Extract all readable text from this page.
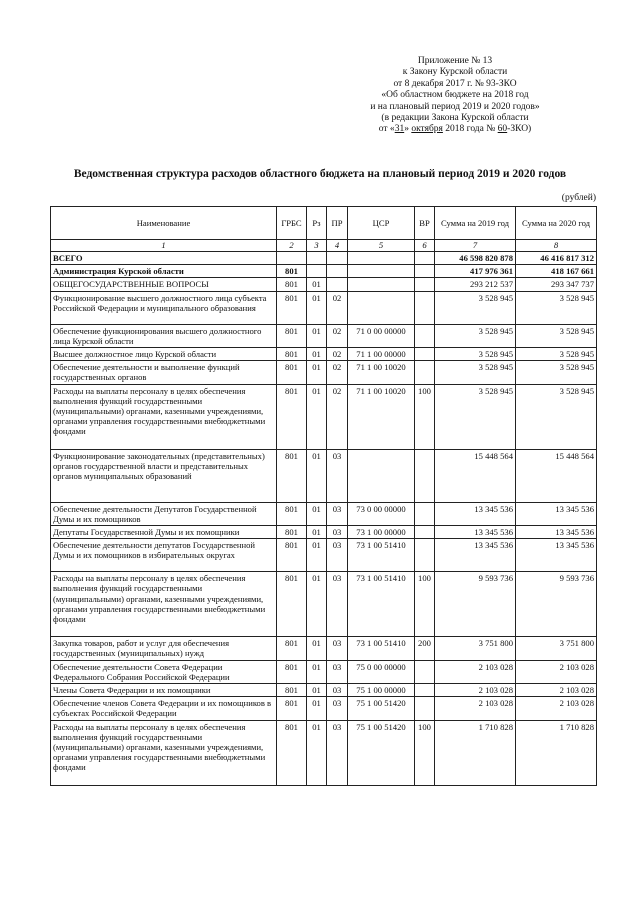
Приложение № 13
к Закону Курской области
от 8 декабря 2017 г. № 93-ЗКО
«Об областном бюджете на 2018 год
и на плановый период 2019 и 2020 годов»
(в редакции Закона Курской области
от «31» октября 2018 года № 60-ЗКО)
Ведомственная структура расходов областного бюджета на плановый период 2019 и 2020 годов
(рублей)
Наименование	ГРБС	Рз	ПР	ЦСР	ВР	Сумма на 2019 год	Сумма на 2020 год
1	2	3	4	5	6	7	8
ВСЕГО						46 598 820 878	46 416 817 312
Администрация Курской области	801					417 976 361	418 167 661
ОБЩЕГОСУДАРСТВЕННЫЕ ВОПРОСЫ	801	01				293 212 537	293 347 737
Функционирование высшего должностного лица субъекта Российской Федерации и муниципального образования	801	01	02			3 528 945	3 528 945
Обеспечение функционирования высшего должностного лица Курской области	801	01	02	71 0 00 00000		3 528 945	3 528 945
Высшее должностное лицо Курской области	801	01	02	71 1 00 00000		3 528 945	3 528 945
Обеспечение деятельности и выполнение функций государственных органов	801	01	02	71 1 00 10020		3 528 945	3 528 945
Расходы на выплаты персоналу в целях обеспечения выполнения функций государственными (муниципальными) органами, казенными учреждениями, органами управления государственными внебюджетными фондами	801	01	02	71 1 00 10020	100	3 528 945	3 528 945
Функционирование законодательных (представительных) органов государственной власти и представительных органов муниципальных образований	801	01	03			15 448 564	15 448 564
Обеспечение деятельности Депутатов Государственной Думы и их помощников	801	01	03	73 0 00 00000		13 345 536	13 345 536
Депутаты Государственной Думы и их помощники	801	01	03	73 1 00 00000		13 345 536	13 345 536
Обеспечение деятельности депутатов Государственной Думы и их помощников в избирательных округах	801	01	03	73 1 00 51410		13 345 536	13 345 536
Расходы на выплаты персоналу в целях обеспечения выполнения функций государственными (муниципальными) органами, казенными учреждениями, органами управления государственными внебюджетными фондами	801	01	03	73 1 00 51410	100	9 593 736	9 593 736
Закупка товаров, работ и услуг для обеспечения государственных (муниципальных) нужд	801	01	03	73 1 00 51410	200	3 751 800	3 751 800
Обеспечение деятельности Совета Федерации Федерального Собрания Российской Федерации	801	01	03	75 0 00 00000		2 103 028	2 103 028
Члены Совета Федерации и их помощники	801	01	03	75 1 00 00000		2 103 028	2 103 028
Обеспечение членов Совета Федерации и их помощников в субъектах Российской Федерации	801	01	03	75 1 00 51420		2 103 028	2 103 028
Расходы на выплаты персоналу в целях обеспечения выполнения функций государственными (муниципальными) органами, казенными учреждениями, органами управления государственными внебюджетными фондами	801	01	03	75 1 00 51420	100	1 710 828	1 710 828
